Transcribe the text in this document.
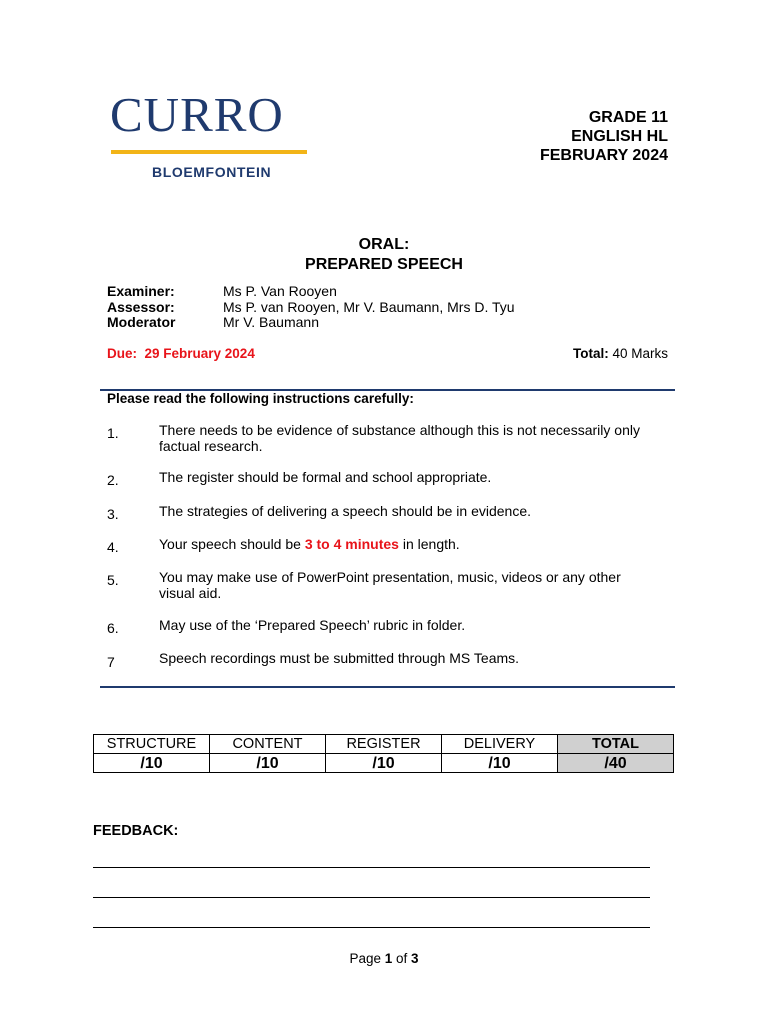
CURRO
BLOEMFONTEIN
GRADE 11
ENGLISH HL
FEBRUARY 2024
ORAL:
PREPARED SPEECH
Examiner:	Ms P. Van Rooyen
Assessor:	Ms P. van Rooyen, Mr V. Baumann, Mrs D. Tyu
Moderator	Mr V. Baumann
Due:  29 February 2024	Total: 40 Marks
Please read the following instructions carefully:
1.	There needs to be evidence of substance although this is not necessarily only factual research.
2.	The register should be formal and school appropriate.
3.	The strategies of delivering a speech should be in evidence.
4.	Your speech should be 3 to 4 minutes in length.
5.	You may make use of PowerPoint presentation, music, videos or any other visual aid.
6.	May use of the ‘Prepared Speech’ rubric in folder.
7	Speech recordings must be submitted through MS Teams.
STRUCTURE	CONTENT	REGISTER	DELIVERY	TOTAL
/10	/10	/10	/10	/40
FEEDBACK:
Page 1 of 3
